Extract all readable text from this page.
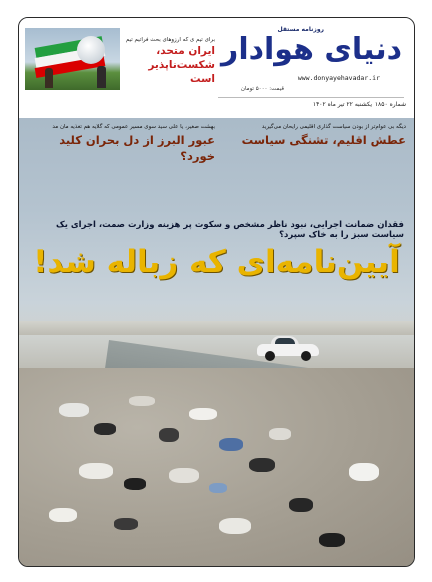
روزنامه مستقل
دنیای هوادار
www.donyayehavadar.ir
قیمت: ۵۰۰۰ تومان
یکشنبه ۲۲ تیر ماه ۱۴۰۲ شماره ۱۸۵۰
برای تیم ی که ارزوهای بحث فراتیم تیم
ایران متحد،
شکست‌ناپذیر است
دیگه بی عوام‌تر از بودن سیاست گذاری اقلیمی رایحان می‌گیرید
عطش اقلیم، تشنگی سیاست
بهشت صغیر، یا علی سید سوی مسیر عمومی که گلایه هم تغذیه مان مد
عبور البرز از دل بحران کلید خورد؟
فقدان ضمانت اجرایی، نبود ناظر مشخص و سکوت پر هزینه وزارت صمت، اجرای یک سیاست سبز را به خاک سپرد؟
آیین‌نامه‌ای که زباله شد!
